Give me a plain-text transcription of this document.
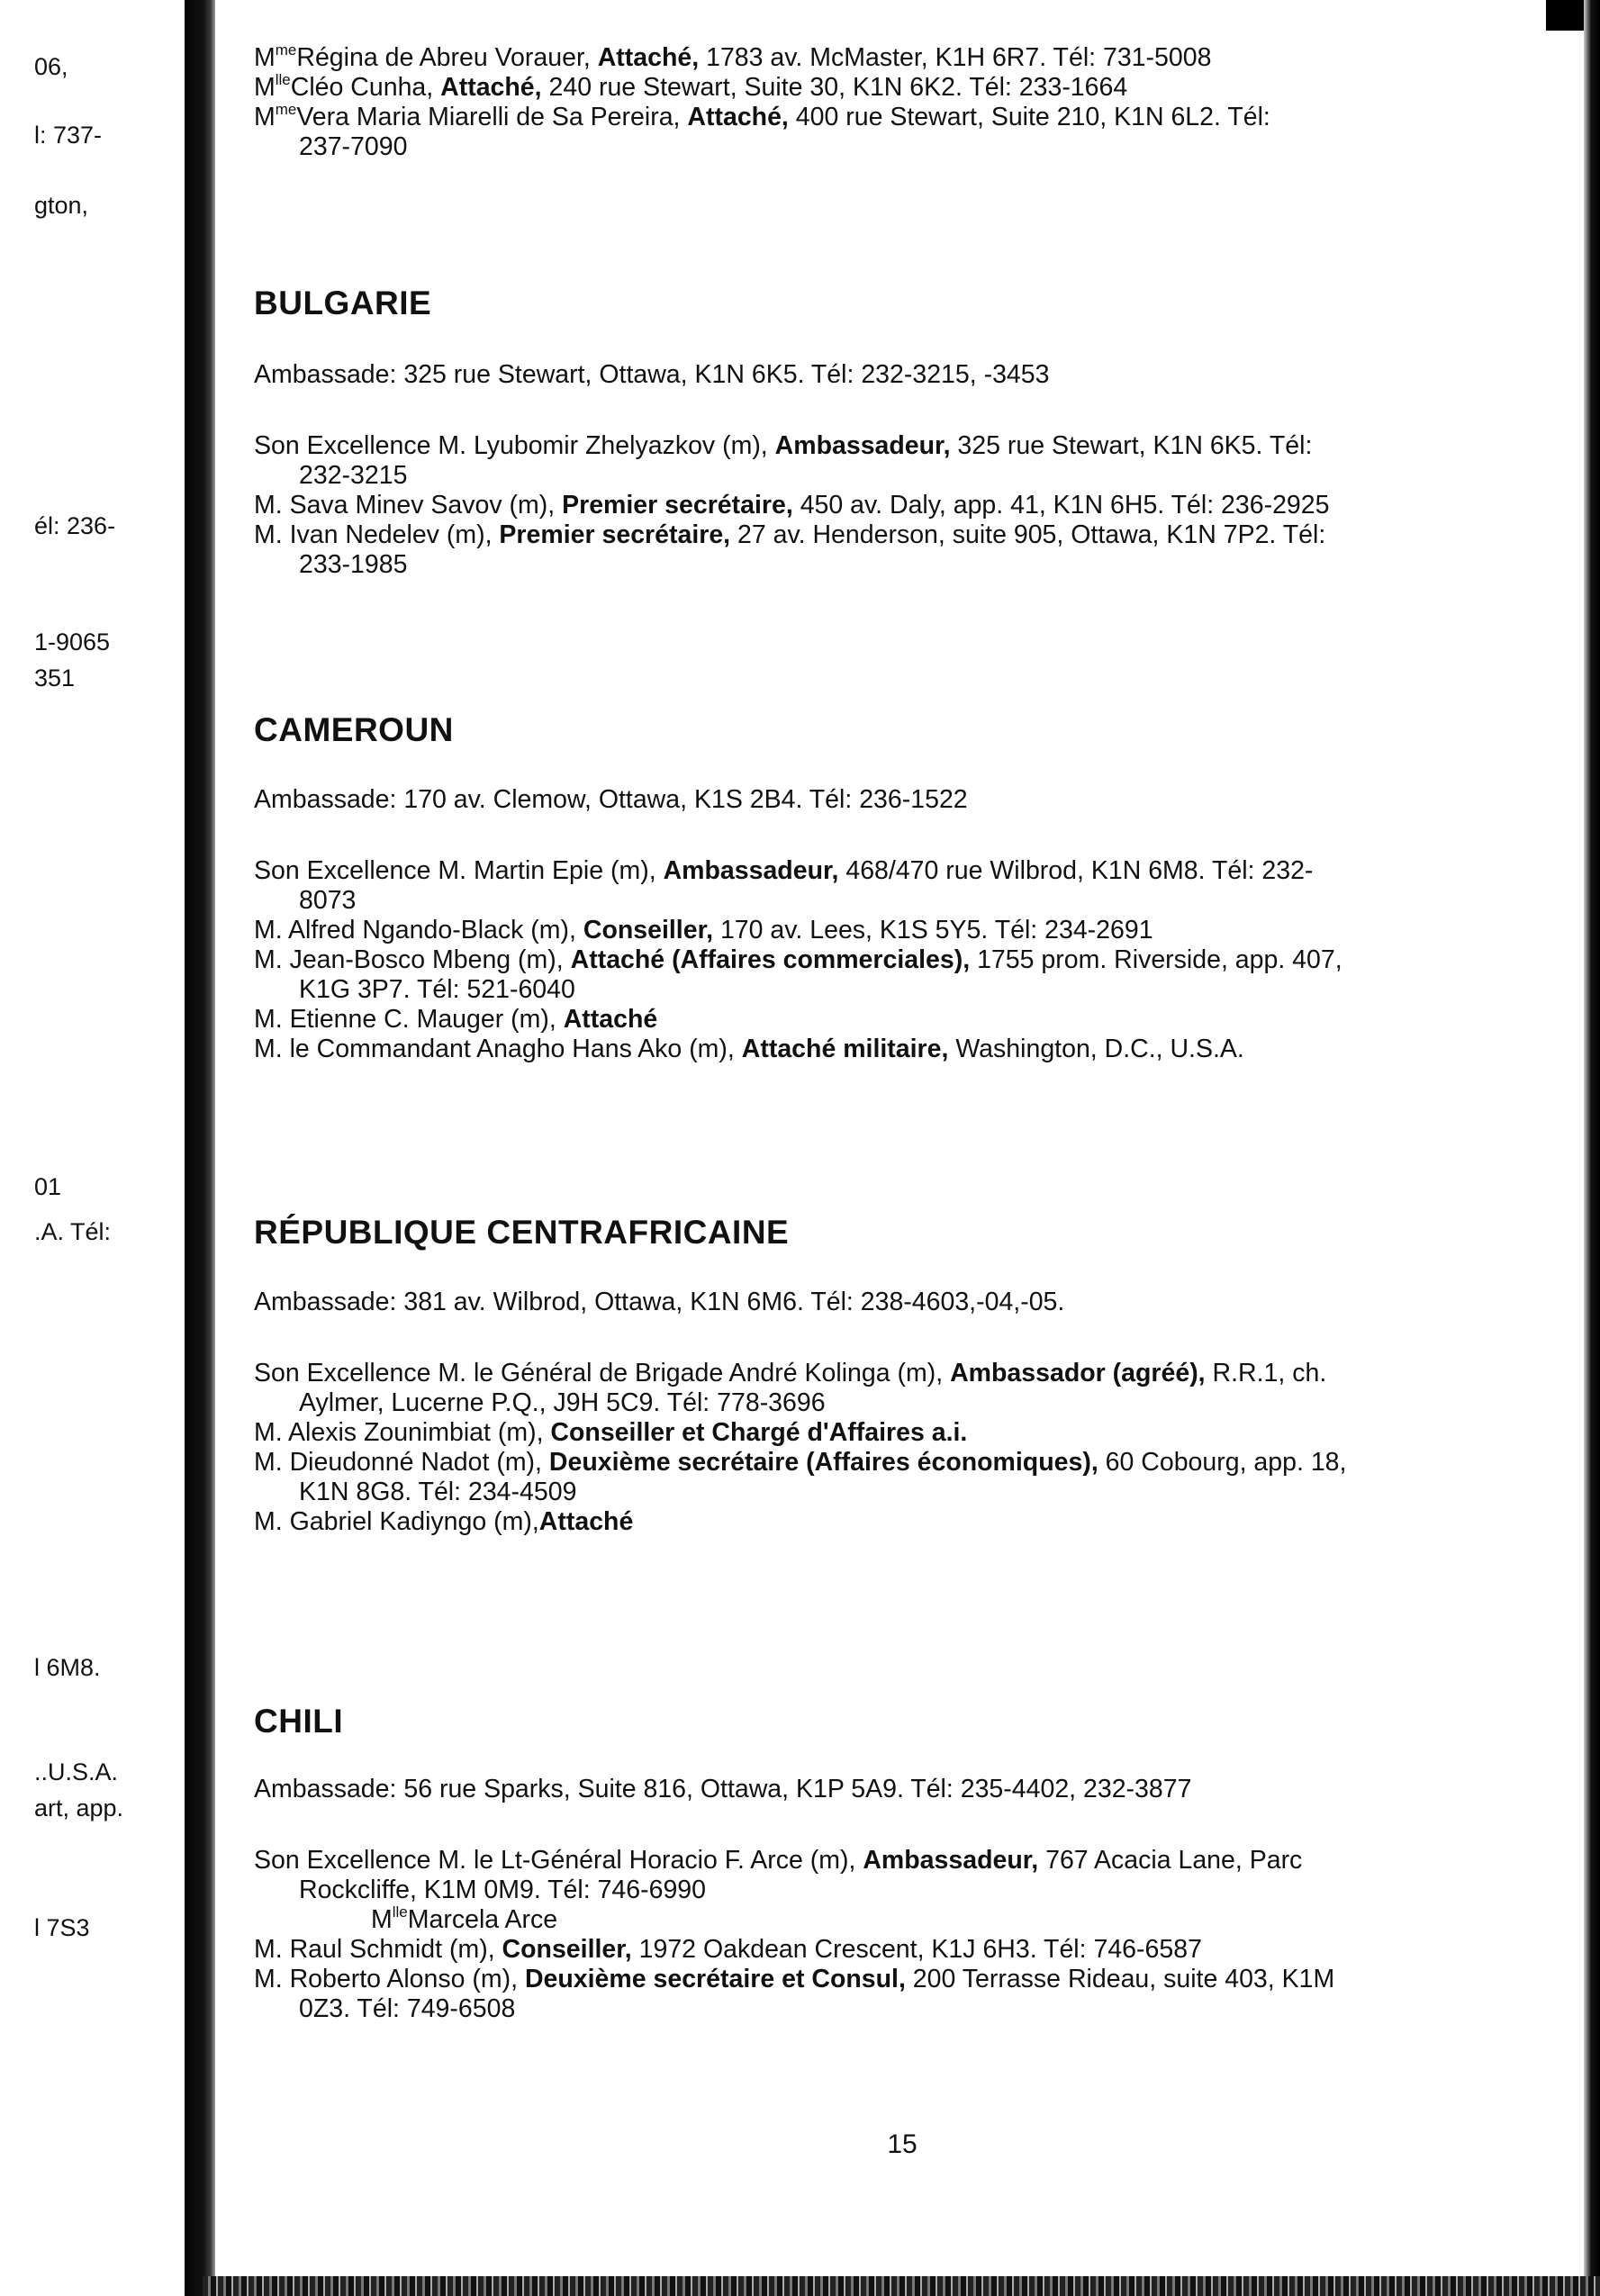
06,
l: 737-
gton,
él: 236-
1-9065
351
01
.A. Tél:
l 6M8.
..U.S.A.
art, app.
l 7S3

$M^{me}Régina$ de Abreu Vorauer, Attaché, 1783 av. McMaster, K1H 6R7. Tél: 731-5008

$M^{lle}Cléo$ Cunha, Attaché, 240 rue Stewart, Suite 30, K1N 6K2. Tél: 233-1664

$M^{me}Vera$ Maria Miarelli de Sa Pereira, Attaché, 400 rue Stewart, Suite 210, K1N 6L2. Tél:

237-7090

BULGARIE

Ambassade: 325 rue Stewart, Ottawa, K1N 6K5. Tél: 232-3215, -3453

Son Excellence M. Lyubomir Zhelyazkov (m), Ambassadeur, 325 rue Stewart, K1N 6K5. Tél:

232-3215

M. Sava Minev Savov (m), Premier secrétaire, 450 av. Daly, app. 41, K1N 6H5. Tél: 236-2925

M. Ivan Nedelev (m), Premier secrétaire, 27 av. Henderson, suite 905, Ottawa, K1N 7P2. Tél:

233-1985

CAMEROUN

Ambassade: 170 av. Clemow, Ottawa, K1S 2B4. Tél: 236-1522

Son Excellence M. Martin Epie (m), Ambassadeur, 468/470 rue Wilbrod, K1N 6M8. Tél: 232-

8073

M. Alfred Ngando-Black (m), Conseiller, 170 av. Lees, K1S 5Y5. Tél: 234-2691

M. Jean-Bosco Mbeng (m), Attaché (Affaires commerciales), 1755 prom. Riverside, app. 407,

K1G 3P7. Tél: 521-6040

M. Etienne C. Mauger (m), Attaché

M. le Commandant Anagho Hans Ako (m), Attaché militaire, Washington, D.C., U.S.A.

RÉPUBLIQUE CENTRAFRICAINE

Ambassade: 381 av. Wilbrod, Ottawa, K1N 6M6. Tél: 238-4603,-04,-05.

Son Excellence M. le Général de Brigade André Kolinga (m), Ambassador (agréé), R.R.1, ch.

Aylmer, Lucerne P.Q., J9H 5C9. Tél: 778-3696

M. Alexis Zounimbiat (m), Conseiller et Chargé d'Affaires a.i.

M. Dieudonné Nadot (m), Deuxième secrétaire (Affaires économiques), 60 Cobourg, app. 18,

K1N 8G8. Tél: 234-4509

M. Gabriel Kadiyngo (m),Attaché

CHILI

Ambassade: 56 rue Sparks, Suite 816, Ottawa, K1P 5A9. Tél: 235-4402, 232-3877

Son Excellence M. le Lt-Général Horacio F. Arce (m), Ambassadeur, 767 Acacia Lane, Parc

Rockcliffe, K1M 0M9. Tél: 746-6990

$M^{lle}Marcela$ Arce

M. Raul Schmidt (m), Conseiller, 1972 Oakdean Crescent, K1J 6H3. Tél: 746-6587

M. Roberto Alonso (m), Deuxième secrétaire et Consul, 200 Terrasse Rideau, suite 403, K1M

0Z3. Tél: 749-6508

15
